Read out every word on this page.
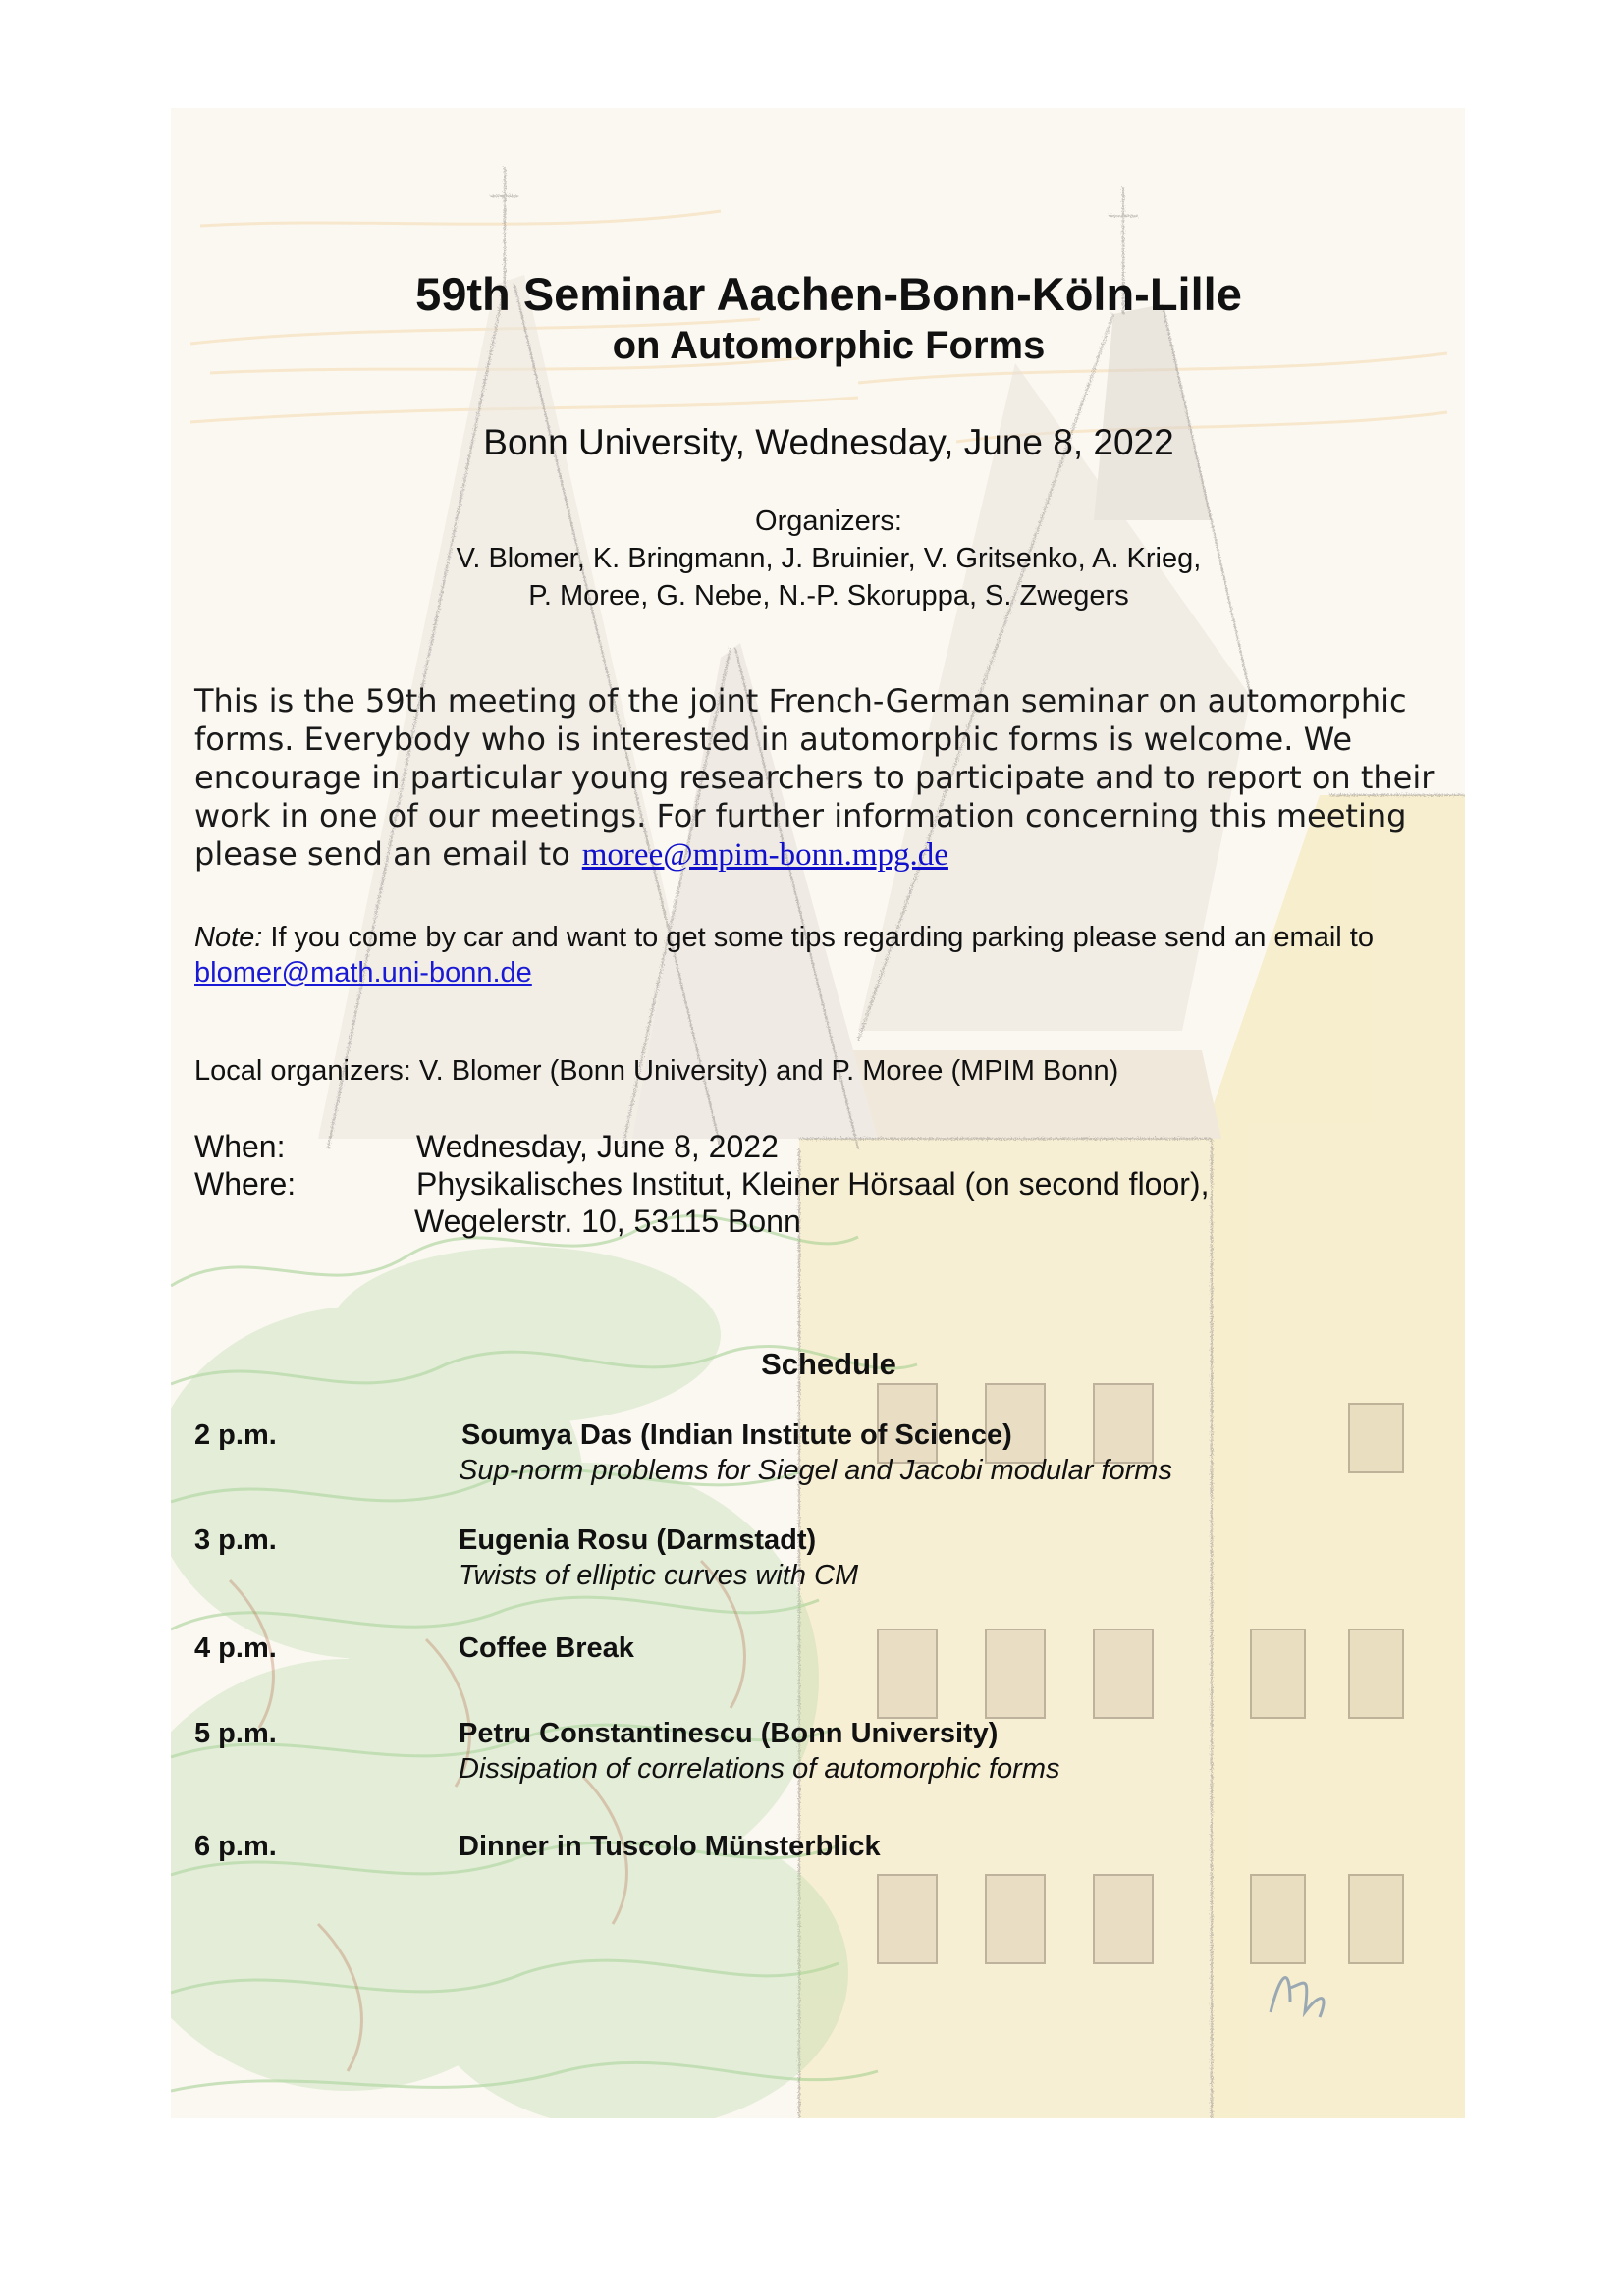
59th Seminar Aachen-Bonn-Köln-Lille
on Automorphic Forms
Bonn University, Wednesday, June 8, 2022
Organizers:
V. Blomer, K. Bringmann, J. Bruinier, V. Gritsenko, A. Krieg,
P. Moree, G. Nebe, N.-P. Skoruppa, S. Zwegers
This is the 59th meeting of the joint French-German seminar on automorphic forms. Everybody who is interested in automorphic forms is welcome. We encourage in particular young researchers to participate and to report on their work in one of our meetings. For further information concerning this meeting please send an email to moree@mpim-bonn.mpg.de
Note: If you come by car and want to get some tips regarding parking please send an email to
blomer@math.uni-bonn.de
Local organizers: V. Blomer (Bonn University) and P. Moree (MPIM Bonn)
When:	Wednesday, June 8, 2022
Where:	Physikalisches Institut, Kleiner Hörsaal (on second floor),
Wegelerstr. 10, 53115 Bonn
Schedule
2 p.m.	Soumya Das (Indian Institute of Science)
Sup-norm problems for Siegel and Jacobi modular forms
3 p.m.	Eugenia Rosu (Darmstadt)
Twists of elliptic curves with CM
4 p.m.	Coffee Break
5 p.m.	Petru Constantinescu (Bonn University)
Dissipation of correlations of automorphic forms
6 p.m.	Dinner in Tuscolo Münsterblick
